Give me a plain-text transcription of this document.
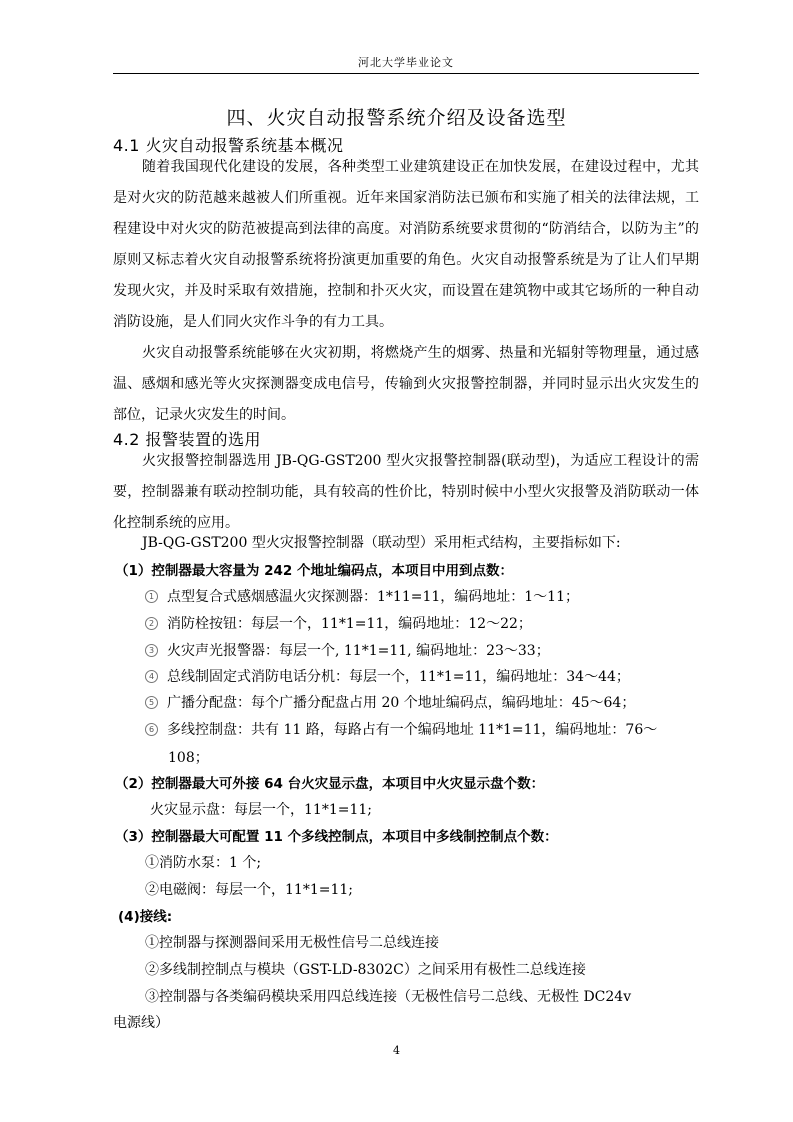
河北大学毕业论文
四、火灾自动报警系统介绍及设备选型
4.1 火灾自动报警系统基本概况
随着我国现代化建设的发展，各种类型工业建筑建设正在加快发展，在建设过程中，尤其是对火灾的防范越来越被人们所重视。近年来国家消防法已颁布和实施了相关的法律法规，工程建设中对火灾的防范被提高到法律的高度。对消防系统要求贯彻的“防消结合，以防为主”的原则又标志着火灾自动报警系统将扮演更加重要的角色。火灾自动报警系统是为了让人们早期发现火灾，并及时采取有效措施，控制和扑灭火灾，而设置在建筑物中或其它场所的一种自动消防设施，是人们同火灾作斗争的有力工具。
火灾自动报警系统能够在火灾初期，将燃烧产生的烟雾、热量和光辐射等物理量，通过感温、感烟和感光等火灾探测器变成电信号，传输到火灾报警控制器，并同时显示出火灾发生的部位，记录火灾发生的时间。
4.2 报警装置的选用
火灾报警控制器选用 JB-QG-GST200 型火灾报警控制器(联动型)，为适应工程设计的需要，控制器兼有联动控制功能，具有较高的性价比，特别时候中小型火灾报警及消防联动一体化控制系统的应用。
JB-QG-GST200 型火灾报警控制器（联动型）采用柜式结构，主要指标如下:
（1）控制器最大容量为 242 个地址编码点，本项目中用到点数：
1 点型复合式感烟感温火灾探测器：1*11=11，编码地址：1～11；
2 消防栓按钮：每层一个，11*1=11，编码地址：12～22；
3 火灾声光报警器：每层一个, 11*1=11, 编码地址：23～33；
4 总线制固定式消防电话分机：每层一个，11*1=11，编码地址：34～44；
5 广播分配盘：每个广播分配盘占用 20 个地址编码点，编码地址：45～64；
6 多线控制盘：共有 11 路，每路占有一个编码地址 11*1=11，编码地址：76～
108；
（2）控制器最大可外接 64 台火灾显示盘，本项目中火灾显示盘个数：
火灾显示盘：每层一个，11*1=11;
（3）控制器最大可配置 11 个多线控制点，本项目中多线制控制点个数：
①消防水泵：1 个;
②电磁阀：每层一个，11*1=11;
(4)接线:
①控制器与探测器间采用无极性信号二总线连接
②多线制控制点与模块（GST-LD-8302C）之间采用有极性二总线连接
③控制器与各类编码模块采用四总线连接（无极性信号二总线、无极性 DC24v
电源线）
4
